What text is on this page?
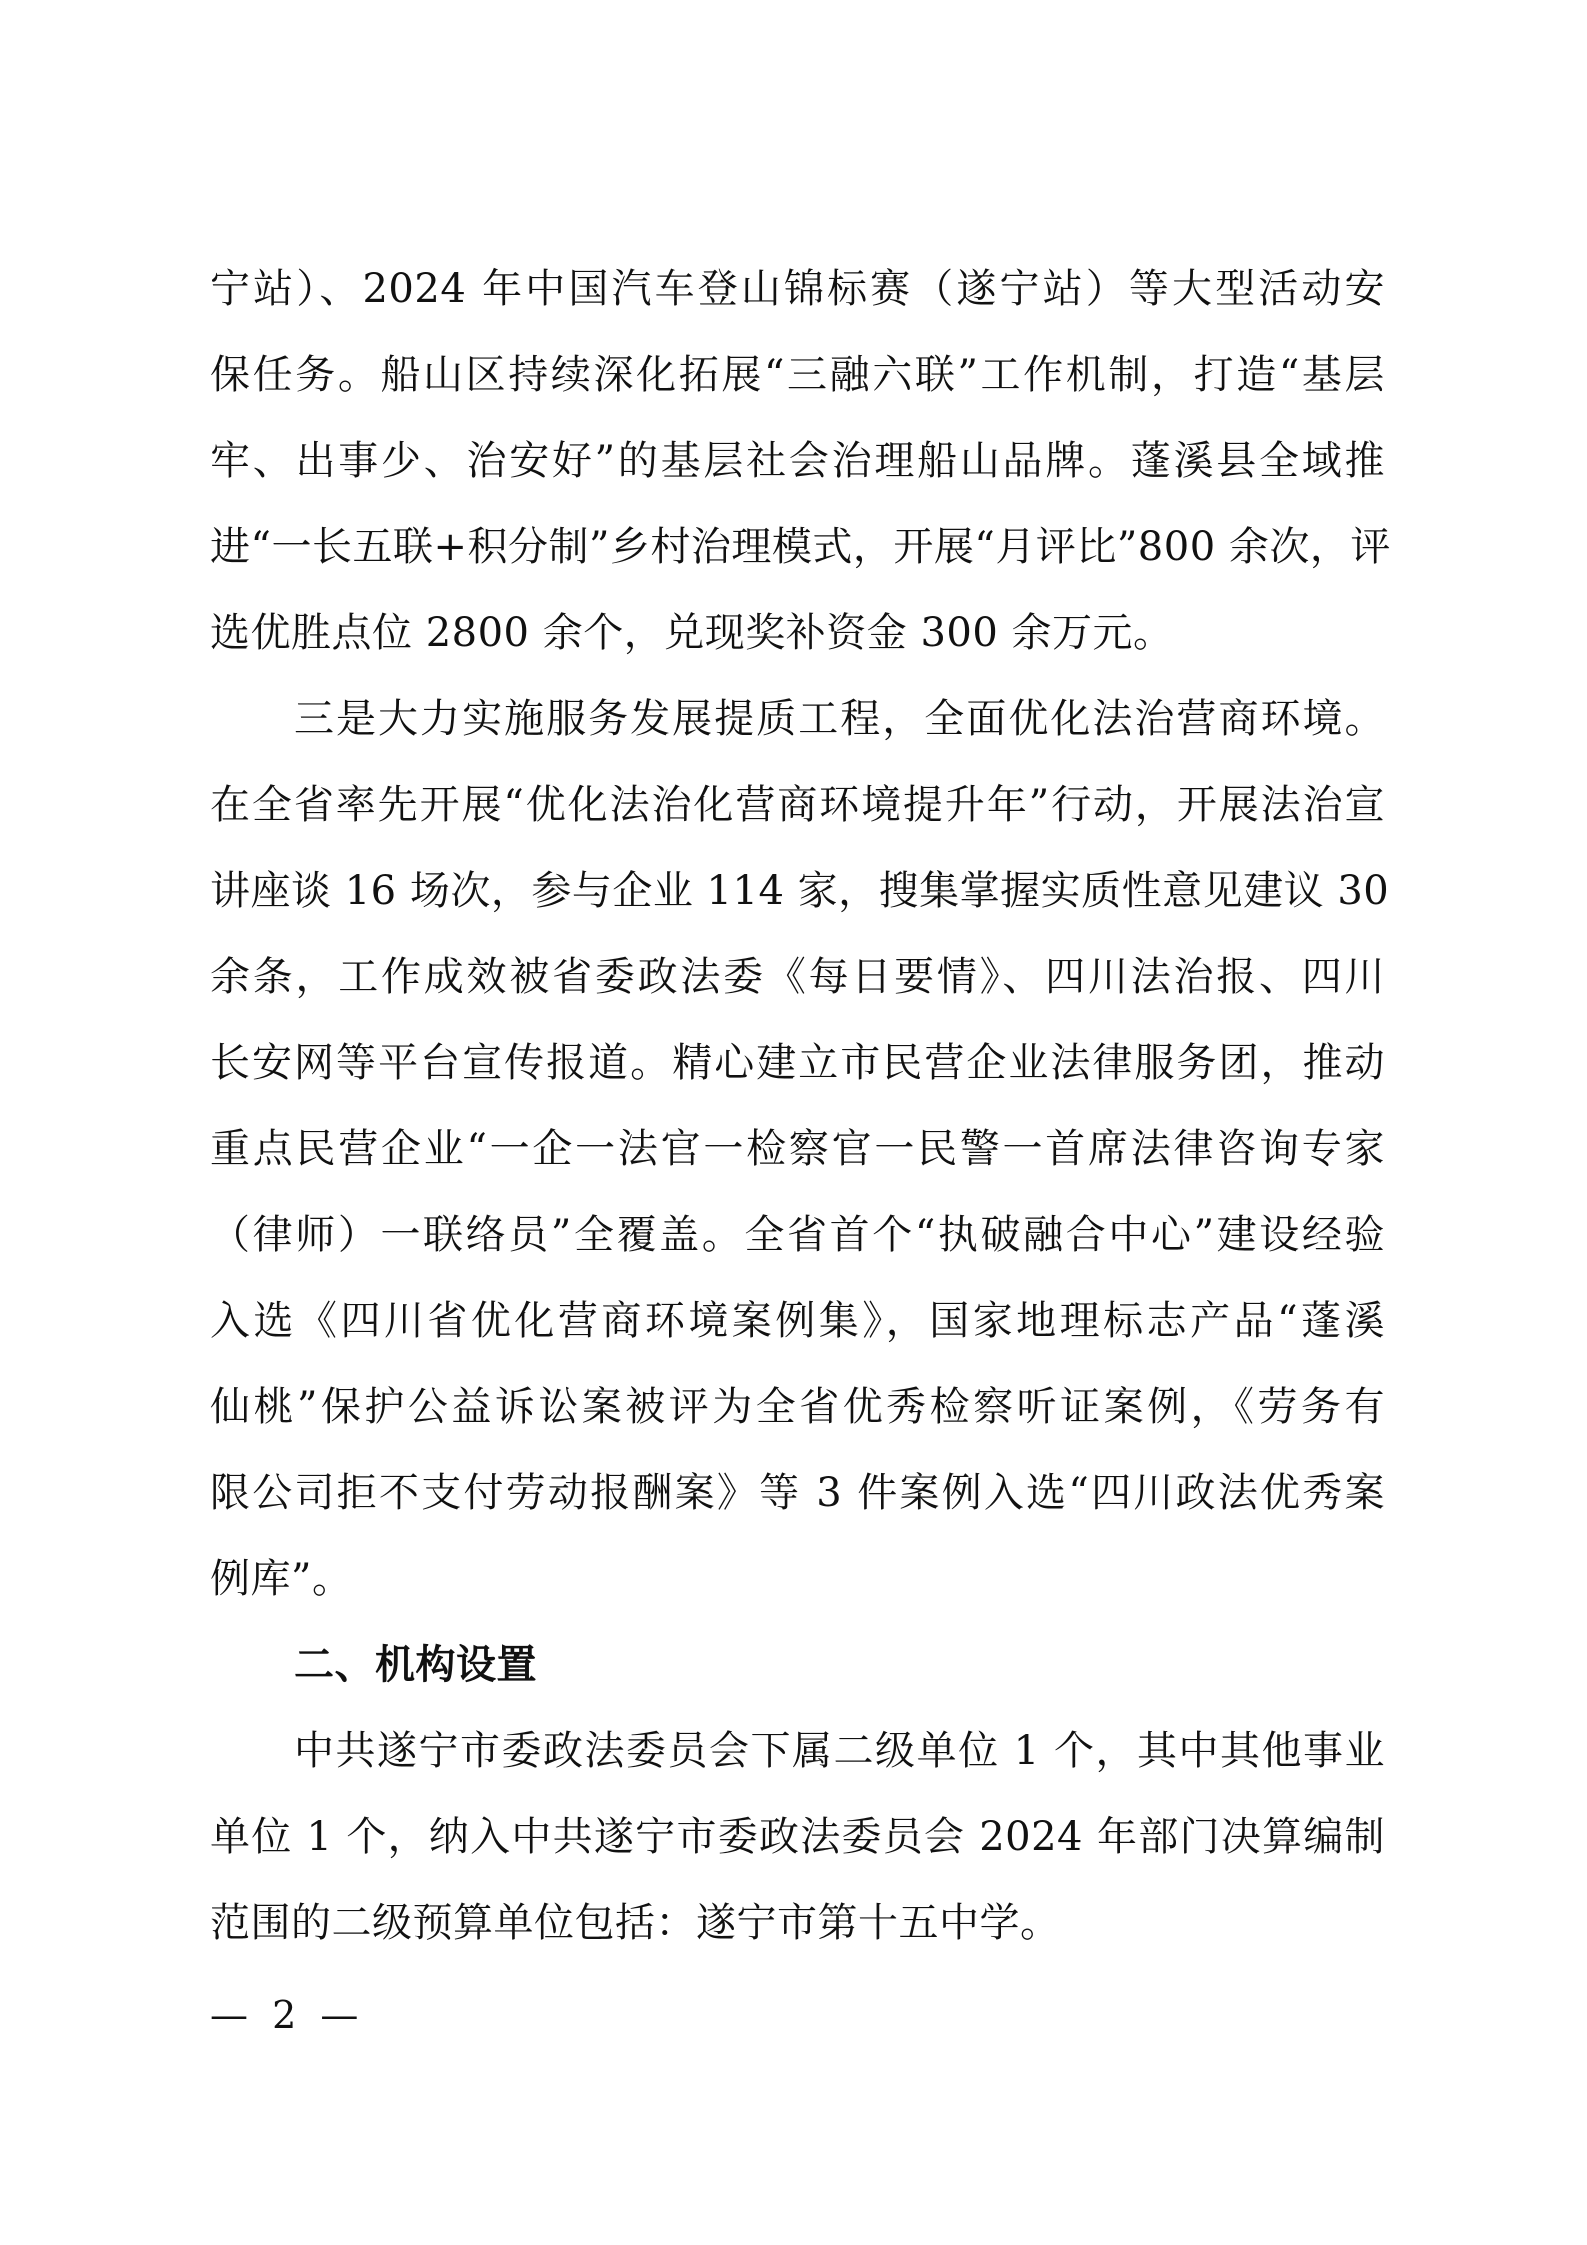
宁站）、2024 年中国汽车登山锦标赛（遂宁站）等大型活动安
保任务。船山区持续深化拓展“三融六联”工作机制，打造“基层
牢、出事少、治安好”的基层社会治理船山品牌。蓬溪县全域推
进“一长五联+积分制”乡村治理模式，开展“月评比”800 余次，评
选优胜点位 2800 余个，兑现奖补资金 300 余万元。
三是大力实施服务发展提质工程，全面优化法治营商环境。
在全省率先开展“优化法治化营商环境提升年”行动，开展法治宣
讲座谈 16 场次，参与企业 114 家，搜集掌握实质性意见建议 30
余条，工作成效被省委政法委《每日要情》、四川法治报、四川
长安网等平台宣传报道。精心建立市民营企业法律服务团，推动
重点民营企业“一企一法官一检察官一民警一首席法律咨询专家
（律师）一联络员”全覆盖。全省首个“执破融合中心”建设经验
入选《四川省优化营商环境案例集》，国家地理标志产品“蓬溪
仙桃”保护公益诉讼案被评为全省优秀检察听证案例，《劳务有
限公司拒不支付劳动报酬案》等 3 件案例入选“四川政法优秀案
例库”。
二、机构设置
中共遂宁市委政法委员会下属二级单位 1 个，其中其他事业
单位 1 个，纳入中共遂宁市委政法委员会 2024 年部门决算编制
范围的二级预算单位包括：遂宁市第十五中学。
— 2 —
